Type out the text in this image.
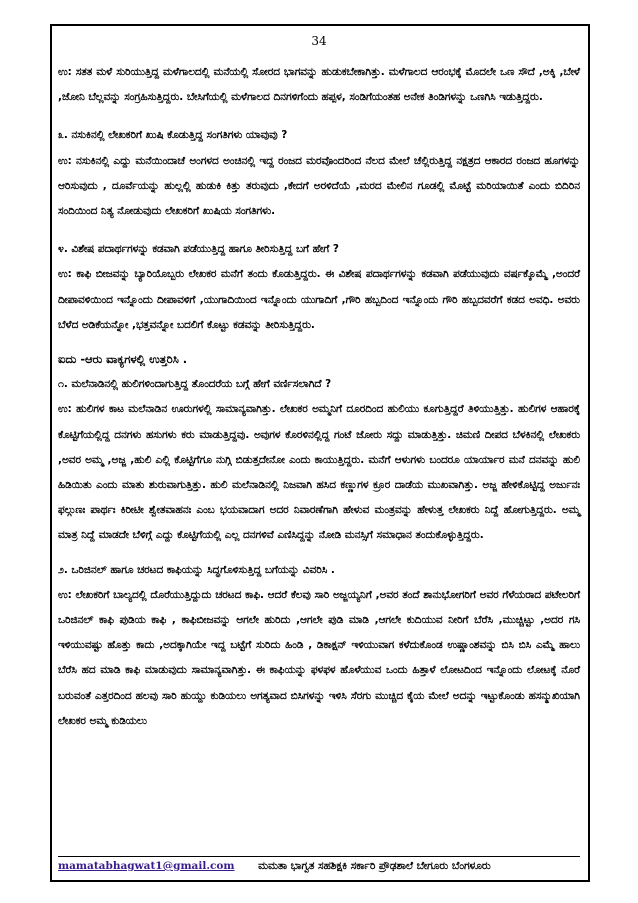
34

ಉ: ಸತತ ಮಳೆ ಸುರಿಯುತ್ತಿದ್ದ ಮಳೆಗಾಲದಲ್ಲಿ ಮನೆಯಲ್ಲಿ ಸೋರದ ಭಾಗವನ್ನು ಹುಡುಕಬೇಕಾಗಿತ್ತು. ಮಳೆಗಾಲದ ಆರಂಭಕ್ಕೆ ಮೊದಲೇ ಒಣ ಸೌದೆ ,ಅಕ್ಕಿ ,ಬೇಳೆ ,ಜೋನಿ ಬೆಲ್ಲವನ್ನು ಸಂಗ್ರಹಿಸುತ್ತಿದ್ದರು. ಬೇಸಿಗೆಯಲ್ಲಿ ಮಳೆಗಾಲದ ದಿನಗಳಿಗೆಂದು ಹಪ್ಪಳ, ಸಂಡಿಗೆಯಂತಹ ಅನೇಕ ತಿಂಡಿಗಳನ್ನು ಒಣಗಿಸಿ ಇಡುತ್ತಿದ್ದರು.

೩. ನಸುಕಿನಲ್ಲಿ ಲೇಖಕರಿಗೆ ಖುಷಿ ಕೊಡುತ್ತಿದ್ದ ಸಂಗತಿಗಳು ಯಾವುವು ?

ಉ: ನಸುಕಿನಲ್ಲಿ ಎದ್ದು ಮನೆಯಿಂದಾಚೆ ಅಂಗಳದ ಅಂಚಿನಲ್ಲಿ ಇದ್ದ ರಂಜದ ಮರವೊಂದರಿಂದ ನೆಲದ ಮೇಲೆ ಚೆಲ್ಲಿರುತ್ತಿದ್ದ ನಕ್ಷತ್ರದ ಆಕಾರದ ರಂಜದ ಹೂಗಳನ್ನು ಆರಿಸುವುದು , ದೂರ್ವೆಯನ್ನು ಹುಲ್ಲಲ್ಲಿ ಹುಡುಕಿ ಕಿತ್ತು ತರುವುದು ,ಕೇದಗೆ ಅರಳಿದೆಯೆ ,ಮರದ ಮೇಲಿನ ಗೂಡಲ್ಲಿ ಮೊಟ್ಟೆ ಮರಿಯಾಯಿತೆ ಎಂದು ಬಿದಿರಿನ ಸಂದಿಯಿಂದ ನಿತ್ಯ ನೋಡುವುದು ಲೇಖಕರಿಗೆ ಖುಷಿಯ ಸಂಗತಿಗಳು.

೪. ವಿಶೇಷ ಪದಾರ್ಥಗಳನ್ನು ಕಡವಾಗಿ ಪಡೆಯುತ್ತಿದ್ದ ಹಾಗೂ ತೀರಿಸುತ್ತಿದ್ದ ಬಗೆ ಹೇಗೆ ?

ಉ: ಕಾಫಿ ಬೀಜವನ್ನು ಬ್ಯಾರಿಯೊಬ್ಬರು ಲೇಖಕರ ಮನೆಗೆ ತಂದು ಕೊಡುತ್ತಿದ್ದರು. ಈ ವಿಶೇಷ ಪದಾರ್ಥಗಳನ್ನು ಕಡವಾಗಿ ಪಡೆಯುವುದು ವರ್ಷಕ್ಕೊಮ್ಮೆ ,ಅಂದರೆ ದೀಪಾವಳಿಯಿಂದ ಇನ್ನೊಂದು ದೀಪಾವಳಿಗೆ ,ಯುಗಾದಿಯಿಂದ ಇನ್ನೊಂದು ಯುಗಾದಿಗೆ ,ಗೌರಿ ಹಬ್ಬದಿಂದ ಇನ್ನೊಂದು ಗೌರಿ ಹಬ್ಬದವರೆಗೆ ಕಡದ ಅವಧಿ. ಅವರು ಬೆಳೆದ ಅಡಿಕೆಯನ್ನೋ ,ಭತ್ತವನ್ನೋ ಬದಲಿಗೆ ಕೊಟ್ಟು ಕಡವನ್ನು ತೀರಿಸುತ್ತಿದ್ದರು.

ಐದು -ಆರು ವಾಕ್ಯಗಳಲ್ಲಿ ಉತ್ತರಿಸಿ .

೧. ಮಲೆನಾಡಿನಲ್ಲಿ ಹುಲಿಗಳಿಂದಾಗುತ್ತಿದ್ದ ತೊಂದರೆಯ ಬಗ್ಗೆ ಹೇಗೆ ವರ್ಣಿಸಲಾಗಿದೆ ?

ಉ: ಹುಲಿಗಳ ಕಾಟ ಮಲೆನಾಡಿನ ಊರುಗಳಲ್ಲಿ ಸಾಮಾನ್ಯವಾಗಿತ್ತು. ಲೇಖಕರ ಅಮ್ಮನಿಗೆ ದೂರದಿಂದ ಹುಲಿಯು ಕೂಗುತ್ತಿದ್ದರೆ ತಿಳಿಯುತ್ತಿತ್ತು. ಹುಲಿಗಳ ಆಹಾರಕ್ಕೆ ಕೊಟ್ಟಿಗೆಯಲ್ಲಿದ್ದ ದನಗಳು ಹಸುಗಳು ಕರು ಮಾಡುತ್ತಿದ್ದವು. ಅವುಗಳ ಕೊರಳಿನಲ್ಲಿದ್ದ ಗಂಟೆ ಜೋರು ಸದ್ದು ಮಾಡುತ್ತಿತ್ತು. ಚಿಮಣಿ ದೀಪದ ಬೆಳಕಿನಲ್ಲಿ ಲೇಖಕರು ,ಅವರ ಅಮ್ಮ ,ಅಜ್ಜ ,ಹುಲಿ ಎಲ್ಲಿ ಕೊಟ್ಟಿಗೆಗೂ ನುಗ್ಗಿ ಬಿಡುತ್ತದೇನೋ ಎಂದು ಕಾಯುತ್ತಿದ್ದರು. ಮನೆಗೆ ಆಳುಗಳು ಬಂದರೂ ಯಾರ್ಯಾರ ಮನೆ ದನವನ್ನು ಹುಲಿ ಹಿಡಿಯಿತು ಎಂದು ಮಾತು ಶುರುವಾಗುತ್ತಿತ್ತು. ಹುಲಿ ಮಲೆನಾಡಿನಲ್ಲಿ ನಿಜವಾಗಿ ಹಸಿದ ಕಣ್ಣುಗಳ ಕ್ರೂರ ದಾಡೆಯ ಮುಖವಾಗಿತ್ತು. ಅಜ್ಜ ಹೇಳಿಕೊಟ್ಟಿದ್ದ ಅರ್ಜುನಃ ಫಲ್ಗುಣಃ ಪಾರ್ಥಃ ಕಿರೀಟೀ ಶ್ವೇತವಾಹನಃ ಎಂಬ ಭಯವಾದಾಗ ಅದರ ನಿವಾರಣೆಗಾಗಿ ಹೇಳುವ ಮಂತ್ರವನ್ನು ಹೇಳುತ್ತ ಲೇಖಕರು ನಿದ್ದೆ ಹೋಗುತ್ತಿದ್ದರು. ಅಮ್ಮ ಮಾತ್ರ ನಿದ್ದೆ ಮಾಡದೇ ಬೆಳಿಗ್ಗೆ ಎದ್ದು ಕೊಟ್ಟಿಗೆಯಲ್ಲಿ ಎಲ್ಲ ದನಗಳಿವೆ ಎಣಿಸಿದ್ದನ್ನು ನೋಡಿ ಮನಸ್ಸಿಗೆ ಸಮಾಧಾನ ತಂದುಕೊಳ್ಳುತ್ತಿದ್ದರು.

೨. ಒರಿಜಿನಲ್ ಹಾಗೂ ಚರಟದ ಕಾಫಿಯನ್ನು ಸಿದ್ಧಗೊಳಿಸುತ್ತಿದ್ದ ಬಗೆಯನ್ನು ವಿವರಿಸಿ .

ಉ: ಲೇಖಕರಿಗೆ ಬಾಲ್ಯದಲ್ಲಿ ದೊರೆಯುತ್ತಿದ್ದುದು ಚರಟದ ಕಾಫಿ. ಆದರೆ ಕೆಲವು ಸಾರಿ ಅಜ್ಜಯ್ಯನಿಗೆ ,ಅವರ ತಂದೆ ಶಾನುಭೋಗರಿಗೆ ಅವರ ಗೆಳೆಯರಾದ ಪಟೇಲರಿಗೆ ಒರಿಜಿನಲ್ ಕಾಫಿ ಪುಡಿಯ ಕಾಫಿ , ಕಾಫಿಬೀಜವನ್ನು ಆಗಲೇ ಹುರಿದು ,ಆಗಲೇ ಪುಡಿ ಮಾಡಿ ,ಆಗಲೇ ಕುದಿಯುವ ನೀರಿಗೆ ಬೆರೆಸಿ ,ಮುಚ್ಚಿಟ್ಟು ,ಅದರ ಗಸಿ ಇಳಿಯುವಷ್ಟು ಹೊತ್ತು ಕಾದು ,ಅದಕ್ಕಾಗಿಯೇ ಇದ್ದ ಬಟ್ಟೆಗೆ ಸುರಿದು ಹಿಂಡಿ , ಡಿಕಾಕ್ಷನ್ ಇಳಿಯುವಾಗ ಕಳೆದುಕೊಂಡ ಉಷ್ಣಾಂಶವನ್ನು ಬಿಸಿ ಬಿಸಿ ಎಮ್ಮೆ ಹಾಲು ಬೆರೆಸಿ ಹದ ಮಾಡಿ ಕಾಫಿ ಮಾಡುವುದು ಸಾಮಾನ್ಯವಾಗಿತ್ತು. ಈ ಕಾಫಿಯನ್ನು ಫಳಫಳ ಹೊಳೆಯುವ ಒಂದು ಹಿತ್ತಾಳೆ ಲೋಟದಿಂದ ಇನ್ನೊಂದು ಲೋಟಕ್ಕೆ ನೊರೆ ಬರುವಂತೆ ಎತ್ತರದಿಂದ ಹಲವು ಸಾರಿ ಹುಯ್ದು ಕುಡಿಯಲು ಅಗತ್ಯವಾದ ಬಿಸಿಗಳನ್ನು ಇಳಿಸಿ ಸೆರಗು ಮುಚ್ಚಿದ ಕೈಯ ಮೇಲೆ ಅದನ್ನು ಇಟ್ಟುಕೊಂಡು ಹಸನ್ಮುಖಿಯಾಗಿ ಲೇಖಕರ ಅಮ್ಮ ಕುಡಿಯಲು

mamatabhagwat1@gmail.com ಮಮತಾ ಭಾಗ್ವತ ಸಹಶಿಕ್ಷಕಿ ಸರ್ಕಾರಿ ಪ್ರೌಢಶಾಲೆ ಬೇಗೂರು ಬೆಂಗಳೂರು
